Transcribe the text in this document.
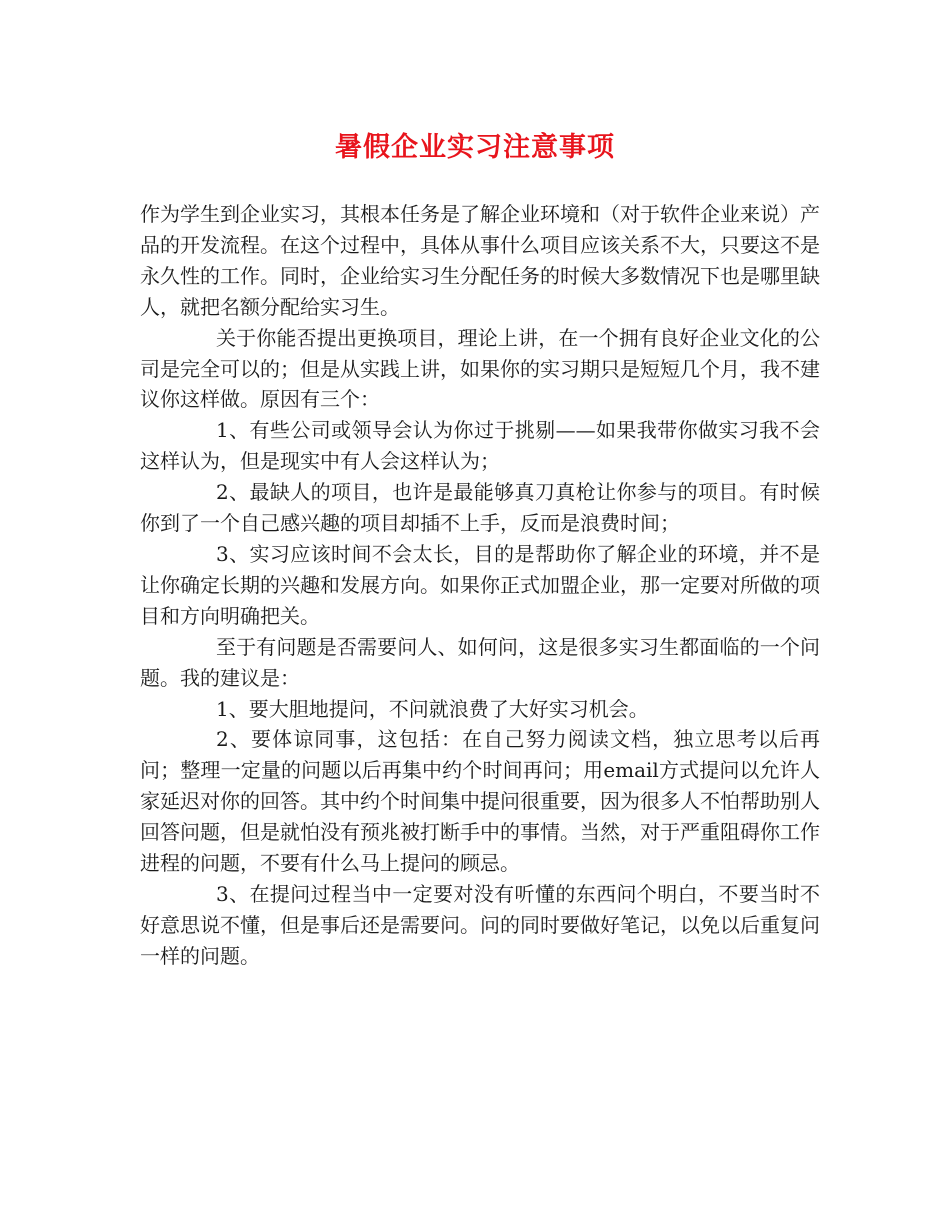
暑假企业实习注意事项

作为学生到企业实习，其根本任务是了解企业环境和（对于软件企业来说）产品的开发流程。在这个过程中，具体从事什么项目应该关系不大，只要这不是永久性的工作。同时，企业给实习生分配任务的时候大多数情况下也是哪里缺人，就把名额分配给实习生。

关于你能否提出更换项目，理论上讲，在一个拥有良好企业文化的公司是完全可以的；但是从实践上讲，如果你的实习期只是短短几个月，我不建议你这样做。原因有三个：

1、有些公司或领导会认为你过于挑剔——如果我带你做实习我不会这样认为，但是现实中有人会这样认为；

2、最缺人的项目，也许是最能够真刀真枪让你参与的项目。有时候你到了一个自己感兴趣的项目却插不上手，反而是浪费时间；

3、实习应该时间不会太长，目的是帮助你了解企业的环境，并不是让你确定长期的兴趣和发展方向。如果你正式加盟企业，那一定要对所做的项目和方向明确把关。

至于有问题是否需要问人、如何问，这是很多实习生都面临的一个问题。我的建议是：

1、要大胆地提问，不问就浪费了大好实习机会。

2、要体谅同事，这包括：在自己努力阅读文档，独立思考以后再问；整理一定量的问题以后再集中约个时间再问；用email方式提问以允许人家延迟对你的回答。其中约个时间集中提问很重要，因为很多人不怕帮助别人回答问题，但是就怕没有预兆被打断手中的事情。当然，对于严重阻碍你工作进程的问题，不要有什么马上提问的顾忌。

3、在提问过程当中一定要对没有听懂的东西问个明白，不要当时不好意思说不懂，但是事后还是需要问。问的同时要做好笔记，以免以后重复问一样的问题。
